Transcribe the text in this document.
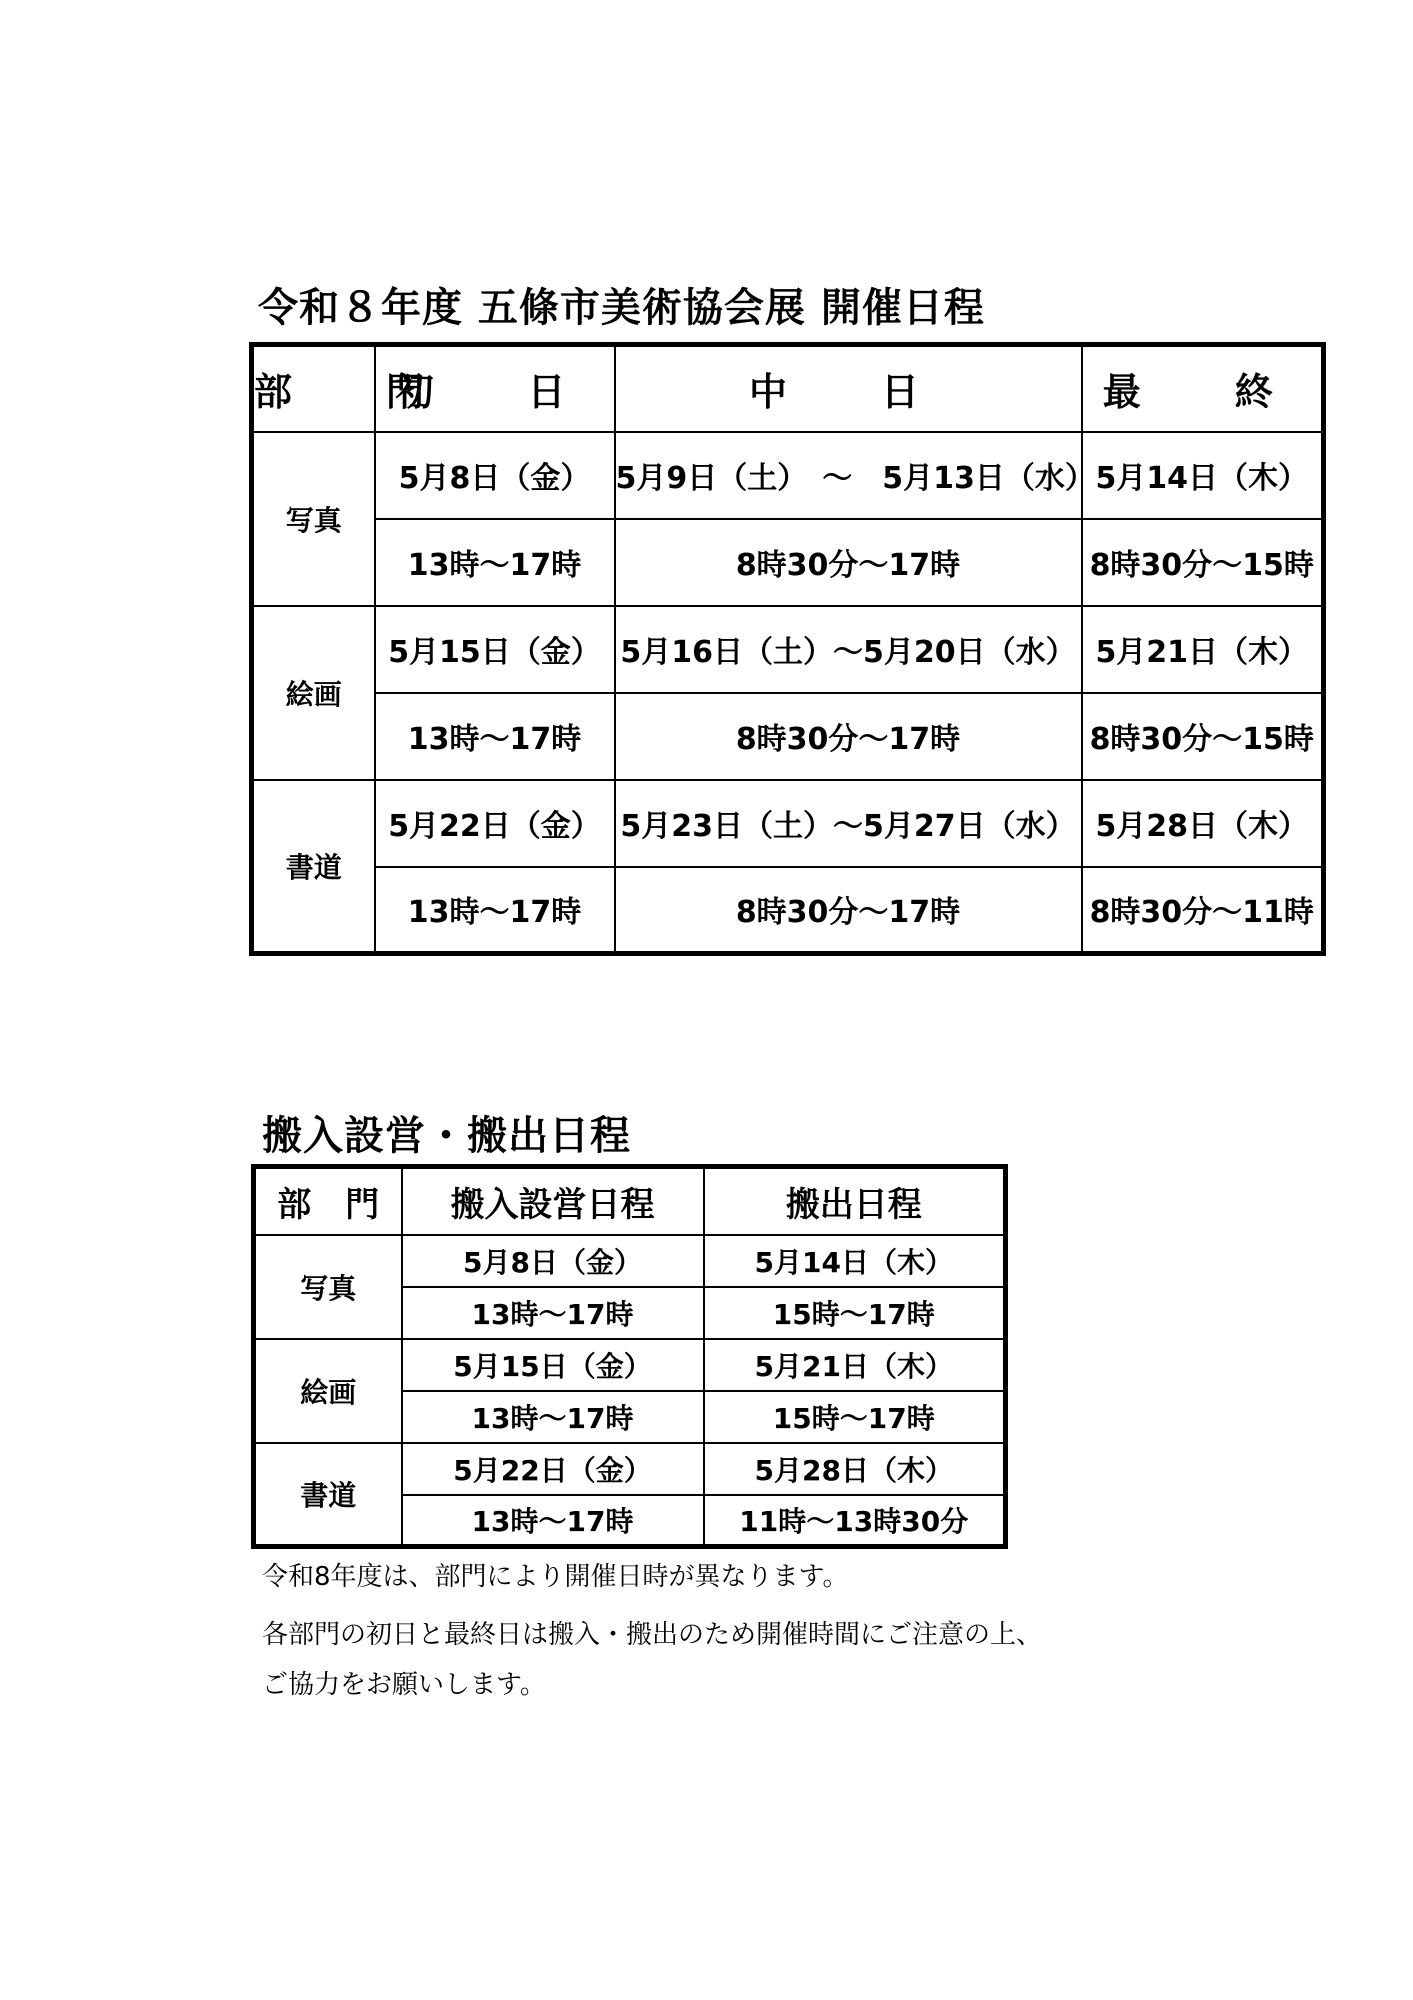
令和８年度 五條市美術協会展 開催日程
部　門	初　日	中　日	最　終
写真	5月8日（金）	5月9日（土）　～　5月13日（水）	5月14日（木）
	13時～17時	8時30分～17時	8時30分～15時
絵画	5月15日（金）	5月16日（土）～5月20日（水）	5月21日（木）
	13時～17時	8時30分～17時	8時30分～15時
書道	5月22日（金）	5月23日（土）～5月27日（水）	5月28日（木）
	13時～17時	8時30分～17時	8時30分～11時
搬入設営・搬出日程
部　門	搬入設営日程	搬出日程
写真	5月8日（金）	5月14日（木）
	13時～17時	15時～17時
絵画	5月15日（金）	5月21日（木）
	13時～17時	15時～17時
書道	5月22日（金）	5月28日（木）
	13時～17時	11時～13時30分
令和8年度は、部門により開催日時が異なります。
各部門の初日と最終日は搬入・搬出のため開催時間にご注意の上、
ご協力をお願いします。
